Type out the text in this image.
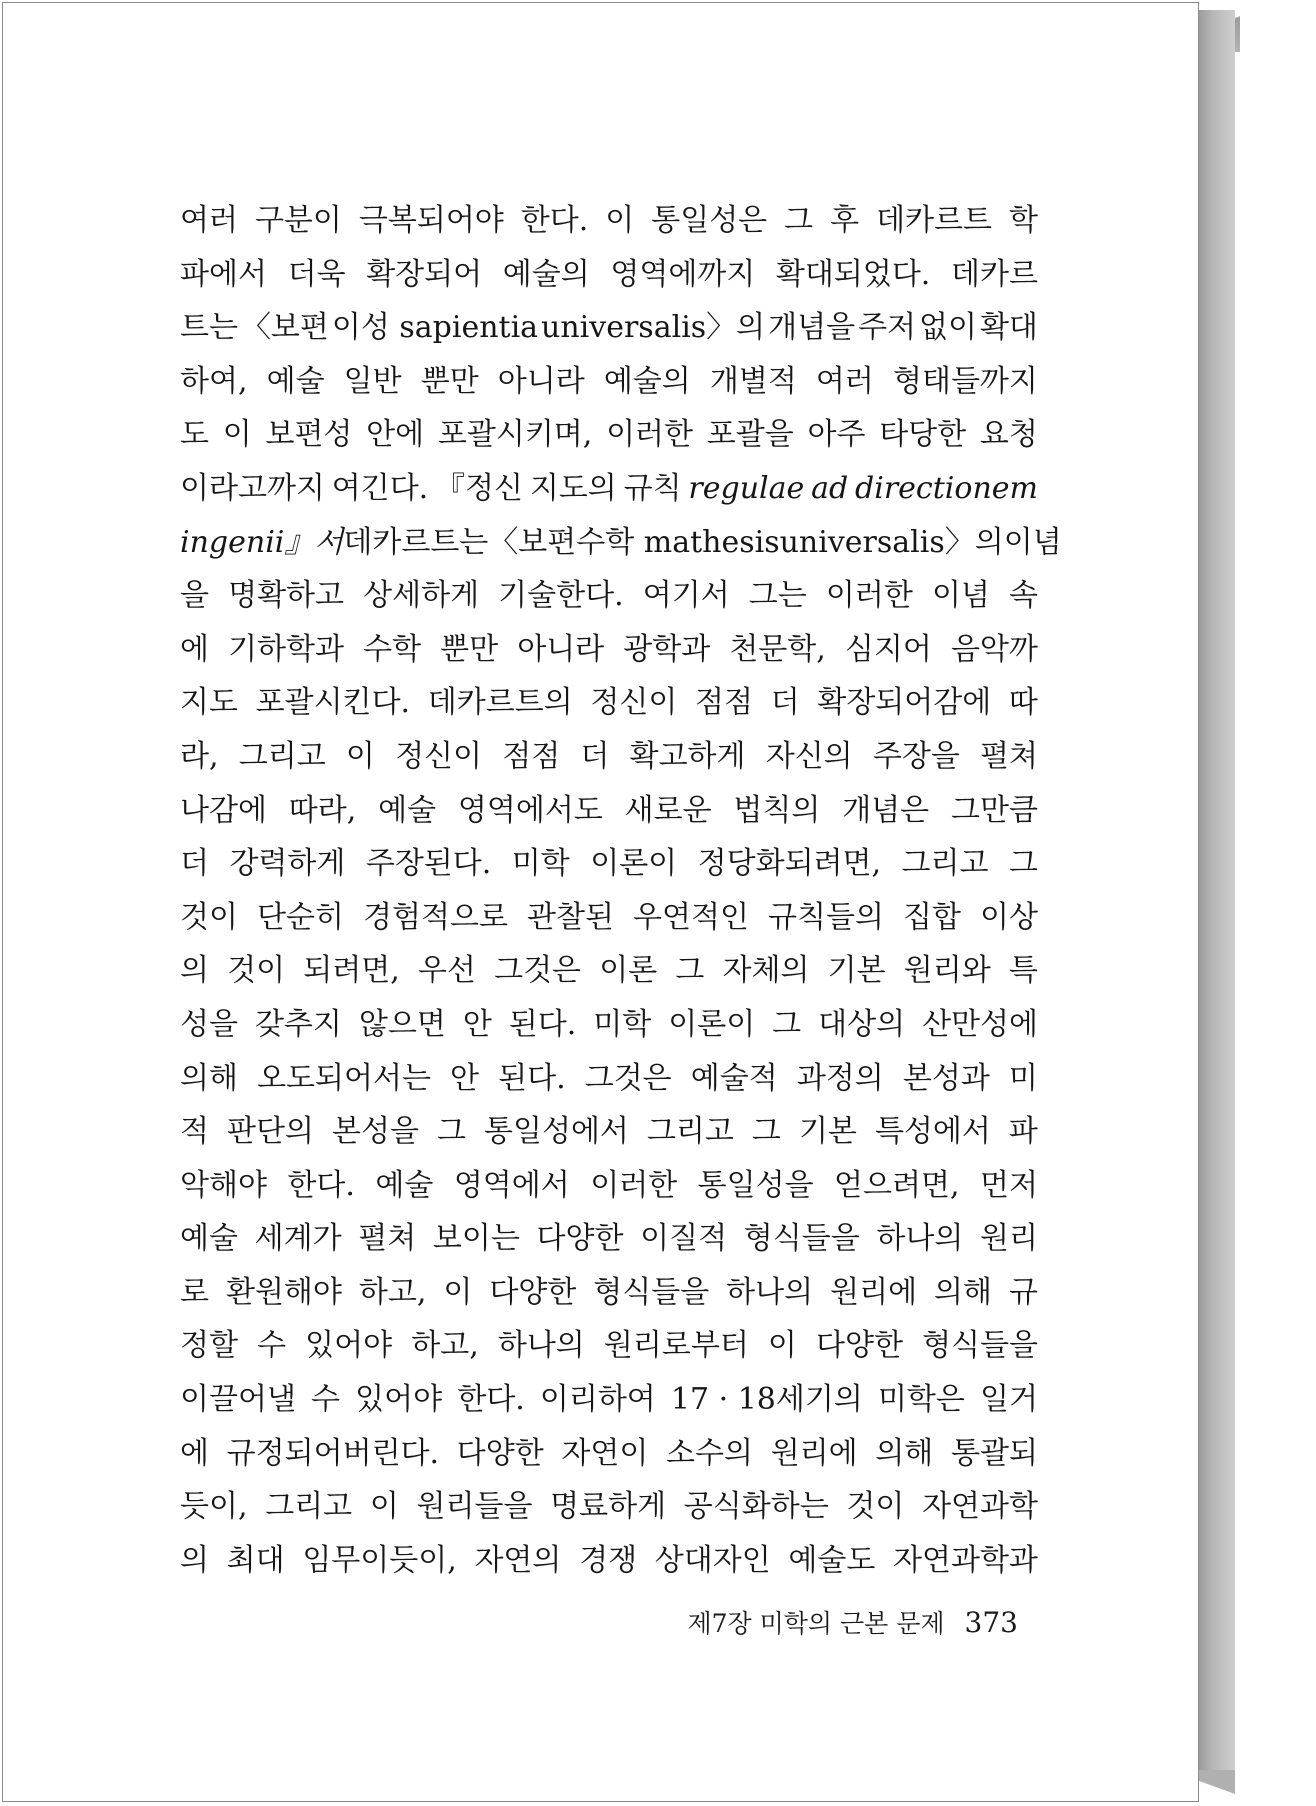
여러 구분이 극복되어야 한다. 이 통일성은 그 후 데카르트 학
파에서 더욱 확장되어 예술의 영역에까지 확대되었다. 데카르
트는 〈보편 이성 sapientia universalis〉의 개념을 주저 없이 확대
하여, 예술 일반 뿐만 아니라 예술의 개별적 여러 형태들까지
도 이 보편성 안에 포괄시키며, 이러한 포괄을 아주 타당한 요청
이라고까지 여긴다. 『정신 지도의 규칙 regulae ad directionem
ingenii』서 데카르트는 〈보편 수학 mathesis universalis〉의 이념
을 명확하고 상세하게 기술한다. 여기서 그는 이러한 이념 속
에 기하학과 수학 뿐만 아니라 광학과 천문학, 심지어 음악까
지도 포괄시킨다. 데카르트의 정신이 점점 더 확장되어감에 따
라, 그리고 이 정신이 점점 더 확고하게 자신의 주장을 펼쳐
나감에 따라, 예술 영역에서도 새로운 법칙의 개념은 그만큼
더 강력하게 주장된다. 미학 이론이 정당화되려면, 그리고 그
것이 단순히 경험적으로 관찰된 우연적인 규칙들의 집합 이상
의 것이 되려면, 우선 그것은 이론 그 자체의 기본 원리와 특
성을 갖추지 않으면 안 된다. 미학 이론이 그 대상의 산만성에
의해 오도되어서는 안 된다. 그것은 예술적 과정의 본성과 미
적 판단의 본성을 그 통일성에서 그리고 그 기본 특성에서 파
악해야 한다. 예술 영역에서 이러한 통일성을 얻으려면, 먼저
예술 세계가 펼쳐 보이는 다양한 이질적 형식들을 하나의 원리
로 환원해야 하고, 이 다양한 형식들을 하나의 원리에 의해 규
정할 수 있어야 하고, 하나의 원리로부터 이 다양한 형식들을
이끌어낼 수 있어야 한다. 이리하여 17 · 18세기의 미학은 일거
에 규정되어버린다. 다양한 자연이 소수의 원리에 의해 통괄되
듯이, 그리고 이 원리들을 명료하게 공식화하는 것이 자연과학
의 최대 임무이듯이, 자연의 경쟁 상대자인 예술도 자연과학과
제7장 미학의 근본 문제 373
